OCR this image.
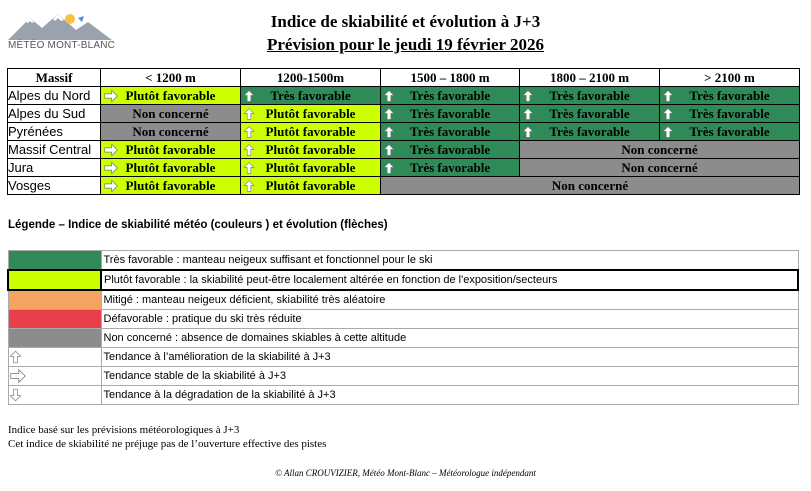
MÉTÉO MONT-BLANC
Indice de skiabilité et évolution à J+3
Prévision pour le jeudi 19 février 2026
Massif	< 1200 m	1200-1500m	1500 – 1800 m	1800 – 2100 m	> 2100 m
Alpes du Nord	Plutôt favorable	Très favorable	Très favorable	Très favorable	Très favorable
Alpes du Sud	Non concerné	Plutôt favorable	Très favorable	Très favorable	Très favorable
Pyrénées	Non concerné	Plutôt favorable	Très favorable	Très favorable	Très favorable
Massif Central	Plutôt favorable	Plutôt favorable	Très favorable	Non concerné	
Jura	Plutôt favorable	Plutôt favorable	Très favorable	Non concerné	
Vosges	Plutôt favorable	Plutôt favorable	Non concerné		
Légende – Indice de skiabilité météo (couleurs ) et évolution (flèches)
	Très favorable : manteau neigeux suffisant et fonctionnel pour le ski
	Plutôt favorable : la skiabilité peut-être localement altérée en fonction de l'exposition/secteurs
	Mitigé : manteau neigeux déficient, skiabilité très aléatoire
	Défavorable : pratique du ski très réduite
	Non concerné : absence de domaines skiables à cette altitude

	Tendance à l’amélioration de la skiabilité à J+3

	Tendance stable de la skiabilité à J+3

	Tendance à la dégradation de la skiabilité à J+3
Indice basé sur les prévisions météorologiques à J+3
Cet indice de skiabilité ne préjuge pas de l’ouverture effective des pistes
© Allan CROUVIZIER, Météo Mont-Blanc – Météorologue indépendant
